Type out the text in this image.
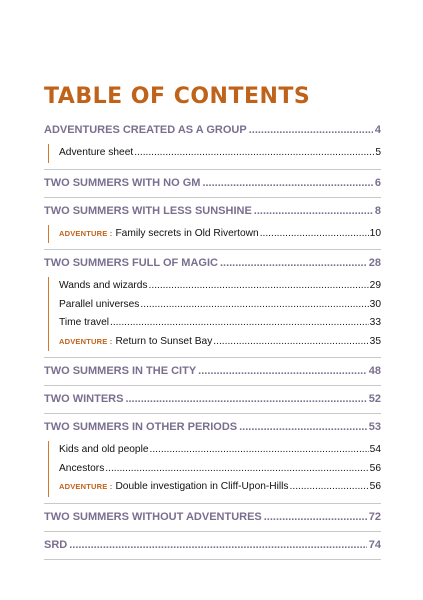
TABLE OF CONTENTS
ADVENTURES CREATED AS A GROUP .....	4
Adventure sheet .....	5
TWO SUMMERS WITH NO GM .....	6
TWO SUMMERS WITH LESS SUNSHINE .....	8
ADVENTURE : Family secrets in Old Rivertown .....	10
TWO SUMMERS FULL OF MAGIC .....	28
Wands and wizards .....	29
Parallel universes .....	30
Time travel .....	33
ADVENTURE : Return to Sunset Bay .....	35
TWO SUMMERS IN THE CITY .....	48
TWO WINTERS .....	52
TWO SUMMERS IN OTHER PERIODS .....	53
Kids and old people .....	54
Ancestors .....	56
ADVENTURE : Double investigation in Cliff-Upon-Hills .....	56
TWO SUMMERS WITHOUT ADVENTURES .....	72
SRD .....	74
